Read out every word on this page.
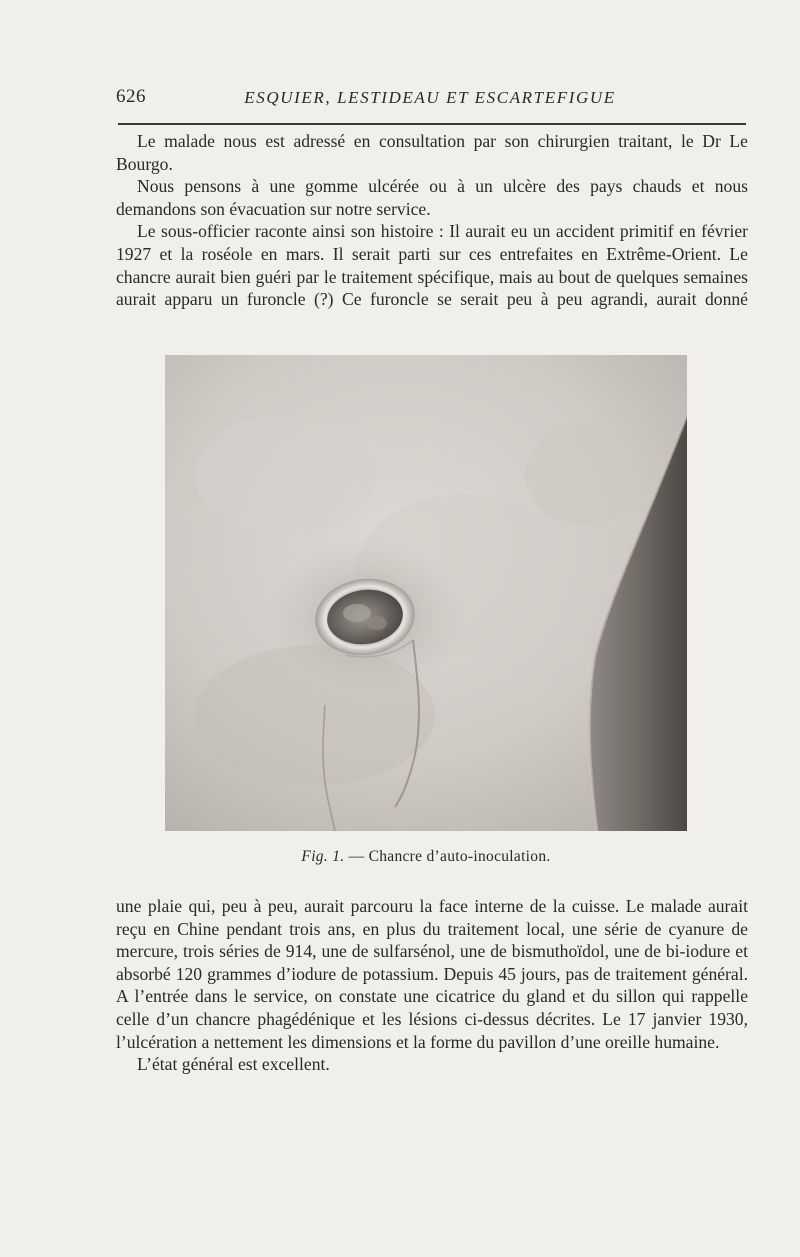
626	ESQUIER, LESTIDEAU ET ESCARTEFIGUE

Le malade nous est adressé en consultation par son chirurgien traitant, le Dr Le Bourgo.

Nous pensons à une gomme ulcérée ou à un ulcère des pays chauds et nous demandons son évacuation sur notre service.

Le sous-officier raconte ainsi son histoire : Il aurait eu un accident primitif en février 1927 et la roséole en mars. Il serait parti sur ces entrefaites en Extrême-Orient. Le chancre aurait bien guéri par le traitement spécifique, mais au bout de quelques semaines aurait apparu un furoncle (?) Ce furoncle se serait peu à peu agrandi, aurait donné

Fig. 1. — Chancre d’auto-inoculation.

une plaie qui, peu à peu, aurait parcouru la face interne de la cuisse. Le malade aurait reçu en Chine pendant trois ans, en plus du traitement local, une série de cyanure de mercure, trois séries de 914, une de sulfarsénol, une de bismuthoïdol, une de bi-iodure et absorbé 120 grammes d’iodure de potassium. Depuis 45 jours, pas de traitement général. A l’entrée dans le service, on constate une cicatrice du gland et du sillon qui rappelle celle d’un chancre phagédénique et les lésions ci-dessus décrites. Le 17 janvier 1930, l’ulcération a nettement les dimensions et la forme du pavillon d’une oreille humaine.

L’état général est excellent.
